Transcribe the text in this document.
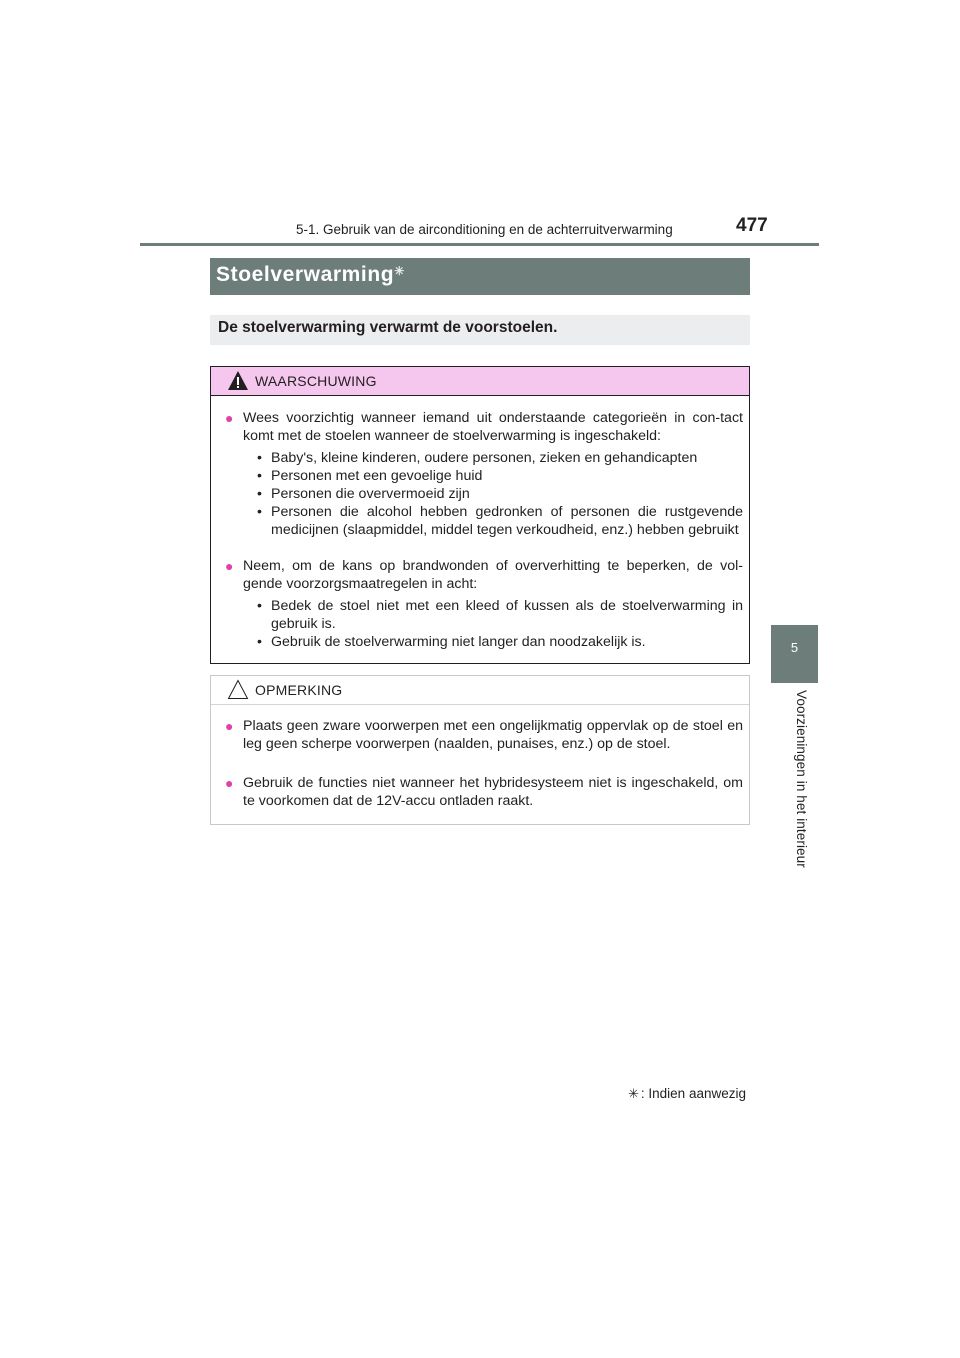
5-1. Gebruik van de airconditioning en de achterruitverwarming	477
5
Voorzieningen in het interieur
Stoelverwarming ✳
De stoelverwarming verwarmt de voorstoelen.
WAARSCHUWING
● Wees voorzichtig wanneer iemand uit onderstaande categorieën in con-tact komt met de stoelen wanneer de stoelverwarming is ingeschakeld:
• Baby's, kleine kinderen, oudere personen, zieken en gehandicapten
• Personen met een gevoelige huid
• Personen die oververmoeid zijn
• Personen die alcohol hebben gedronken of personen die rustgevende medicijnen (slaapmiddel, middel tegen verkoudheid, enz.) hebben gebruikt
● Neem, om de kans op brandwonden of oververhitting te beperken, de vol-gende voorzorgsmaatregelen in acht:
• Bedek de stoel niet met een kleed of kussen als de stoelverwarming in gebruik is.
• Gebruik de stoelverwarming niet langer dan noodzakelijk is.
OPMERKING
● Plaats geen zware voorwerpen met een ongelijkmatig oppervlak op de stoel en leg geen scherpe voorwerpen (naalden, punaises, enz.) op de stoel.
● Gebruik de functies niet wanneer het hybridesysteem niet is ingeschakeld, om te voorkomen dat de 12V-accu ontladen raakt.
✳ : Indien aanwezig
